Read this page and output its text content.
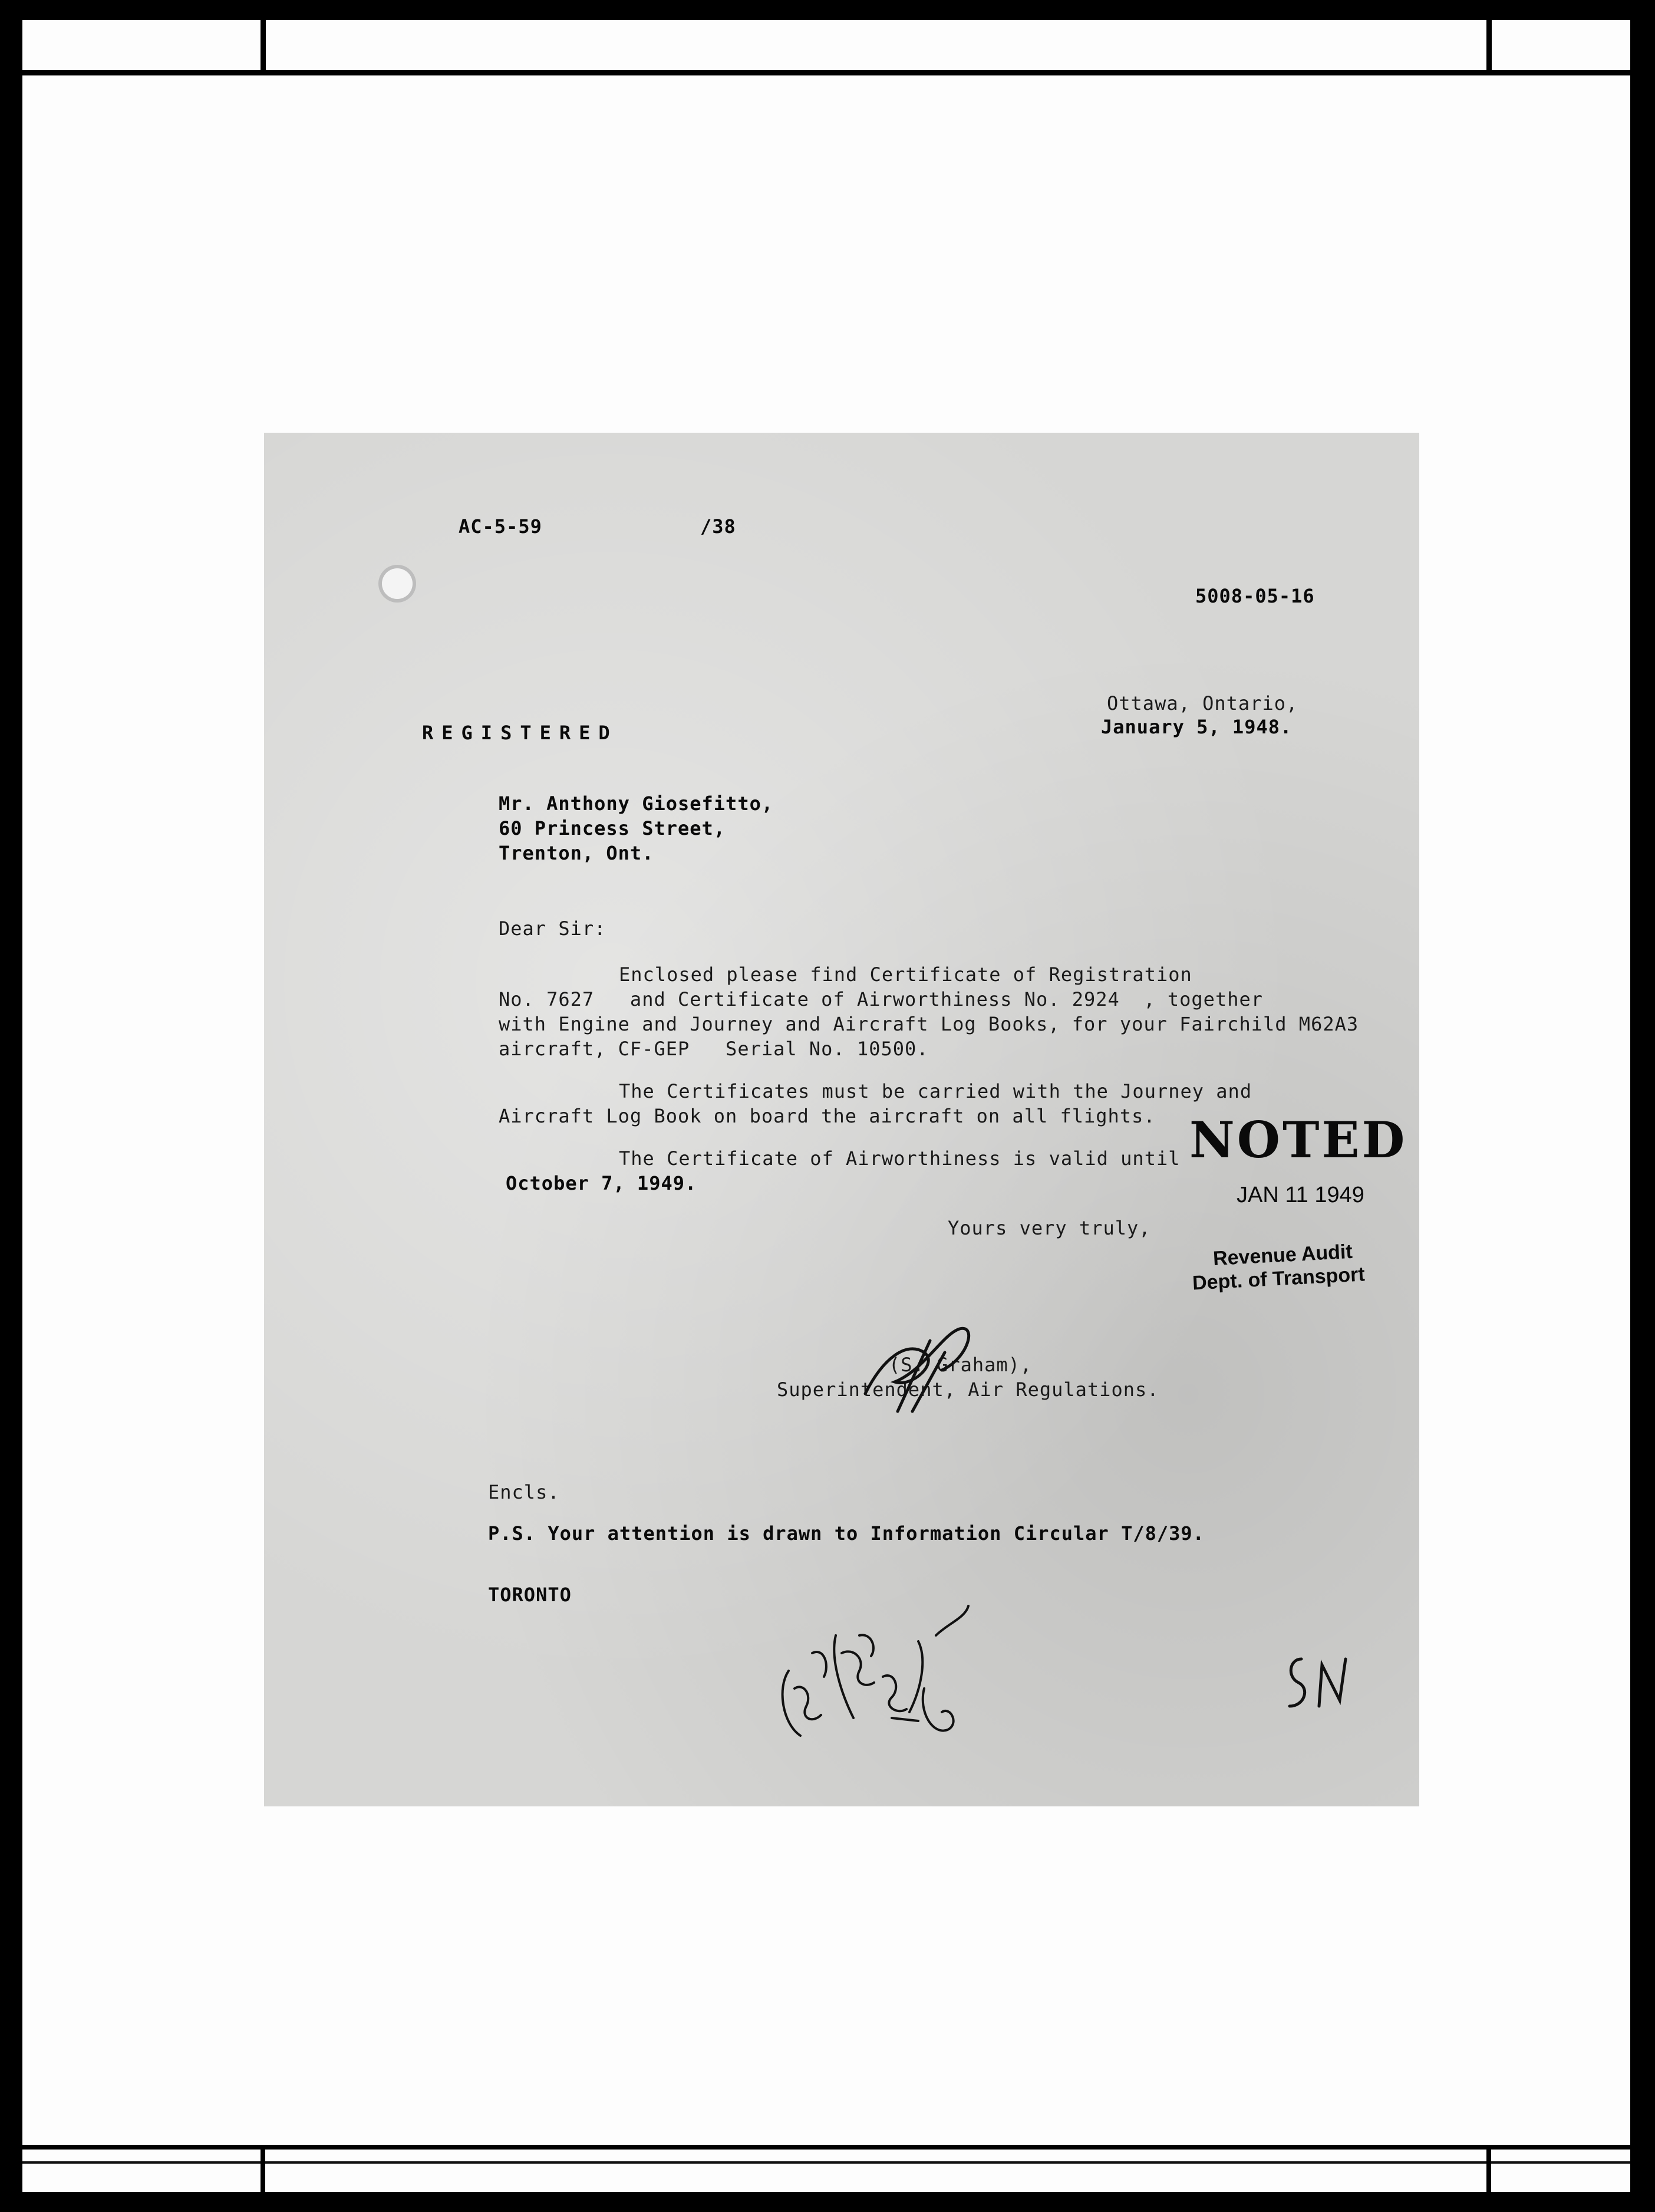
AC-5-59	/38
5008-05-16
Ottawa, Ontario,
January 5, 1948.
REGISTERED
Mr. Anthony Giosefitto,
60 Princess Street,
Trenton, Ont.
Dear Sir:
Enclosed please find Certificate of Registration
No. 7627   and Certificate of Airworthiness No. 2924  , together
with Engine and Journey and Aircraft Log Books, for your Fairchild M62A3
aircraft, CF-GEP   Serial No. 10500.
The Certificates must be carried with the Journey and
Aircraft Log Book on board the aircraft on all flights.
The Certificate of Airworthiness is valid until
October 7, 1949.
Yours very truly,
(S. Graham),
Superintendent, Air Regulations.
Encls.
P.S. Your attention is drawn to Information Circular T/8/39.
TORONTO
NOTED
JAN 11 1949
Revenue Audit
Dept. of Transport
